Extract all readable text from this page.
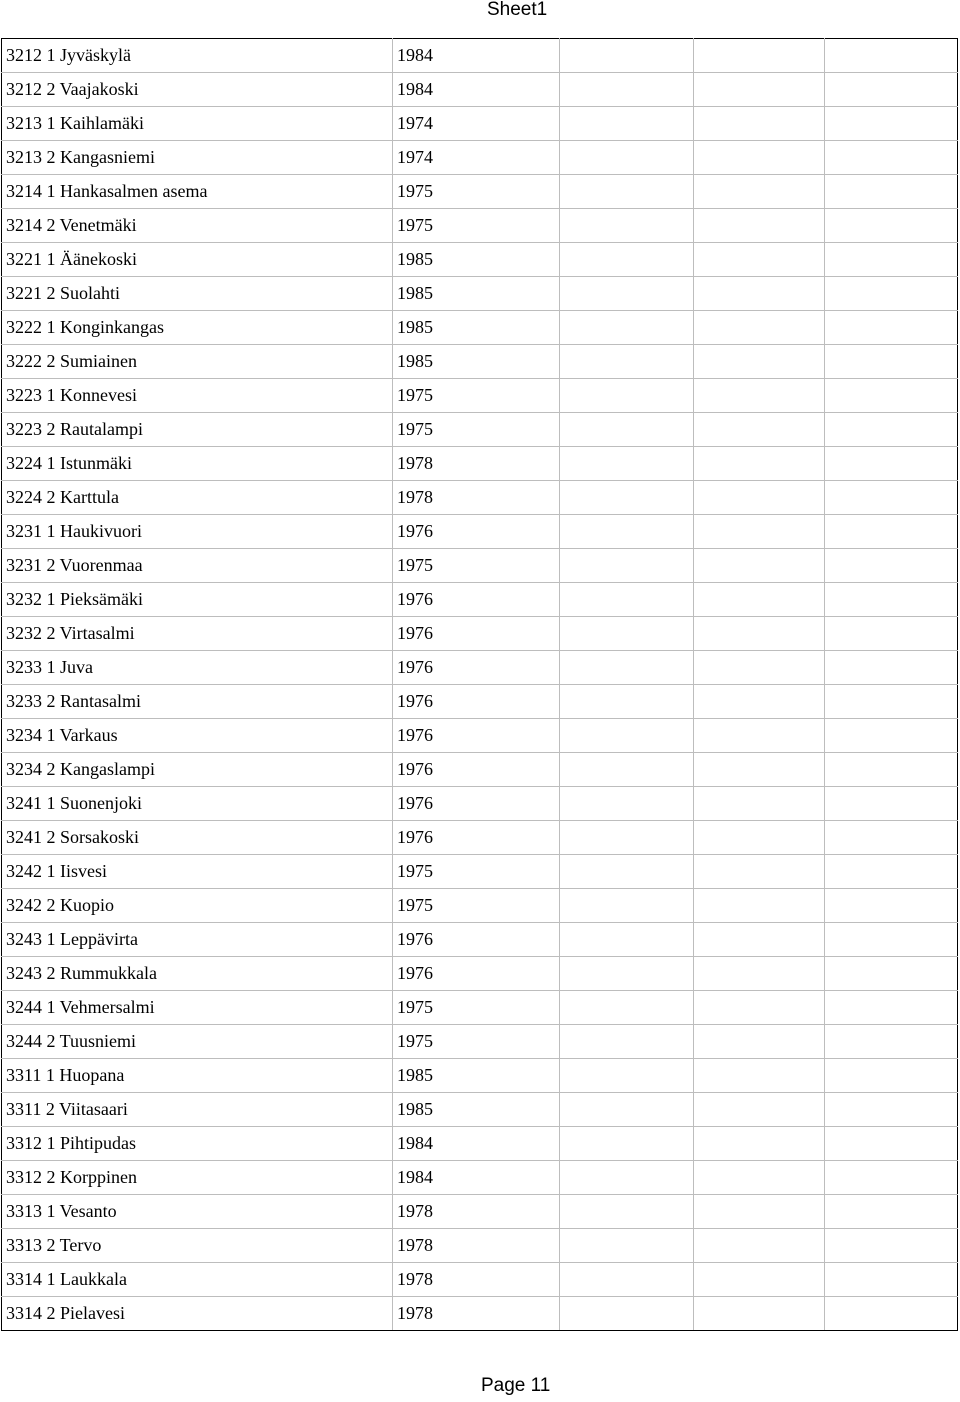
Sheet1
3212 1 Jyväskylä	1984			
3212 2 Vaajakoski	1984			
3213 1 Kaihlamäki	1974			
3213 2 Kangasniemi	1974			
3214 1 Hankasalmen asema	1975			
3214 2 Venetmäki	1975			
3221 1 Äänekoski	1985			
3221 2 Suolahti	1985			
3222 1 Konginkangas	1985			
3222 2 Sumiainen	1985			
3223 1 Konnevesi	1975			
3223 2 Rautalampi	1975			
3224 1 Istunmäki	1978			
3224 2 Karttula	1978			
3231 1 Haukivuori	1976			
3231 2 Vuorenmaa	1975			
3232 1 Pieksämäki	1976			
3232 2 Virtasalmi	1976			
3233 1 Juva	1976			
3233 2 Rantasalmi	1976			
3234 1 Varkaus	1976			
3234 2 Kangaslampi	1976			
3241 1 Suonenjoki	1976			
3241 2 Sorsakoski	1976			
3242 1 Iisvesi	1975			
3242 2 Kuopio	1975			
3243 1 Leppävirta	1976			
3243 2 Rummukkala	1976			
3244 1 Vehmersalmi	1975			
3244 2 Tuusniemi	1975			
3311 1 Huopana	1985			
3311 2 Viitasaari	1985			
3312 1 Pihtipudas	1984			
3312 2 Korppinen	1984			
3313 1 Vesanto	1978			
3313 2 Tervo	1978			
3314 1 Laukkala	1978			
3314 2 Pielavesi	1978			
Page 11
